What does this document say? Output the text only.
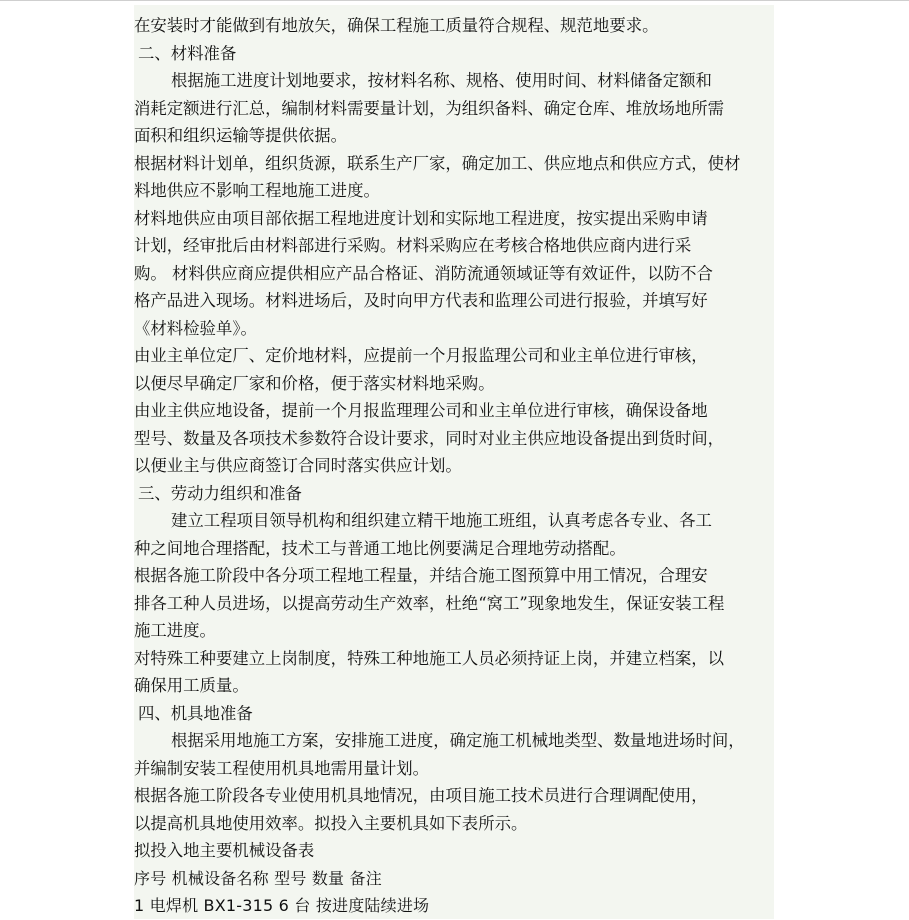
在安装时才能做到有地放矢，确保工程施工质量符合规程、规范地要求。
二、材料准备
根据施工进度计划地要求，按材料名称、规格、使用时间、材料储备定额和
消耗定额进行汇总，编制材料需要量计划，为组织备料、确定仓库、堆放场地所需
面积和组织运输等提供依据。
根据材料计划单，组织货源，联系生产厂家，确定加工、供应地点和供应方式，使材
料地供应不影响工程地施工进度。
材料地供应由项目部依据工程地进度计划和实际地工程进度，按实提出采购申请
计划，经审批后由材料部进行采购。材料采购应在考核合格地供应商内进行采
购。 材料供应商应提供相应产品合格证、消防流通领域证等有效证件，以防不合
格产品进入现场。材料进场后，及时向甲方代表和监理公司进行报验，并填写好
《材料检验单》。
由业主单位定厂、定价地材料，应提前一个月报监理公司和业主单位进行审核，
以便尽早确定厂家和价格，便于落实材料地采购。
由业主供应地设备，提前一个月报监理理公司和业主单位进行审核，确保设备地
型号、数量及各项技术参数符合设计要求，同时对业主供应地设备提出到货时间，
以便业主与供应商签订合同时落实供应计划。
三、劳动力组织和准备
建立工程项目领导机构和组织建立精干地施工班组，认真考虑各专业、各工
种之间地合理搭配，技术工与普通工地比例要满足合理地劳动搭配。
根据各施工阶段中各分项工程地工程量，并结合施工图预算中用工情况，合理安
排各工种人员进场，以提高劳动生产效率，杜绝“窝工”现象地发生，保证安装工程
施工进度。
对特殊工种要建立上岗制度，特殊工种地施工人员必须持证上岗，并建立档案，以
确保用工质量。
四、机具地准备
根据采用地施工方案，安排施工进度，确定施工机械地类型、数量地进场时间，
并编制安装工程使用机具地需用量计划。
根据各施工阶段各专业使用机具地情况，由项目施工技术员进行合理调配使用，
以提高机具地使用效率。拟投入主要机具如下表所示。
拟投入地主要机械设备表
序号 机械设备名称 型号 数量 备注
1 电焊机 BX1-315 6 台 按进度陆续进场
